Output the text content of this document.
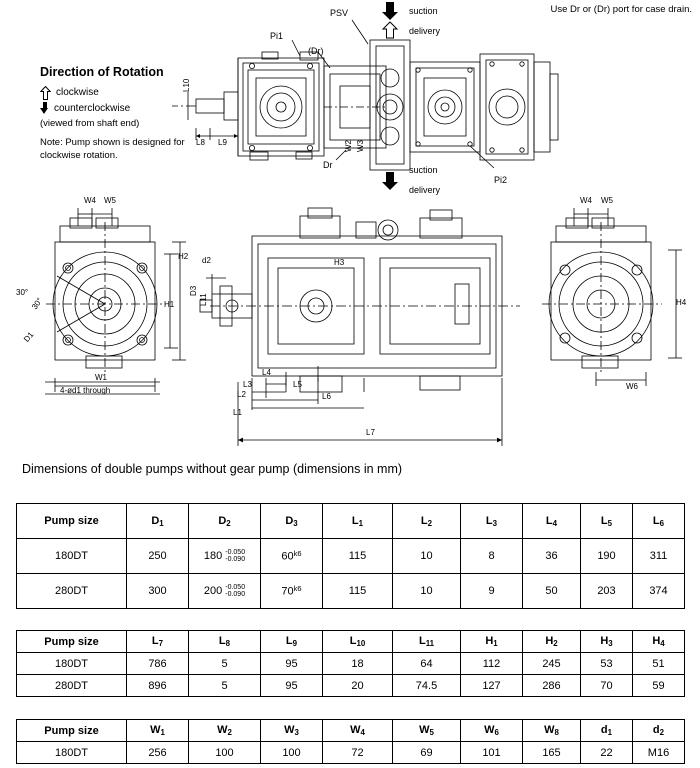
Use Dr or (Dr) port for case drain.
Direction of Rotation
clockwise
counterclockwise
(viewed from shaft end)
Note: Pump shown is designed for clockwise rotation.
PSV	suction
delivery
Pi1
(Dr)
Dr	suction
delivery
Pi2
L10
L8 L9	W2 W3
W4 W5	W4 W5
30°
30°
D1
W1
4-ød1 through
H2
H1
d2
D3
L11
H3
L3
L4
L5
L2	L6
L1
L7
H4
W6
Dimensions of double pumps without gear pump (dimensions in mm)
Pump size	$D_1$	$D_2$	$D_3$	$L_1$	$L_2$	$L_3$	$L_4$	$L_5$	$L_6$
180DT	250	180 -0.050
-0.090	$60^{k6}$	115	10	8	36	190	311
280DT	300	200 -0.050
-0.090	$70^{k6}$	115	10	9	50	203	374
Pump size	$L_7$	$L_8$	$L_9$	$L_{10}$	$L_{11}$	$H_1$	$H_2$	$H_3$	$H_4$
180DT	786	5	95	18	64	112	245	53	51
280DT	896	5	95	20	74.5	127	286	70	59
Pump size	$W_1$	$W_2$	$W_3$	$W_4$	$W_5$	$W_6$	$W_8$	$d_1$	$d_2$
180DT	256	100	100	72	69	101	165	22	M16
